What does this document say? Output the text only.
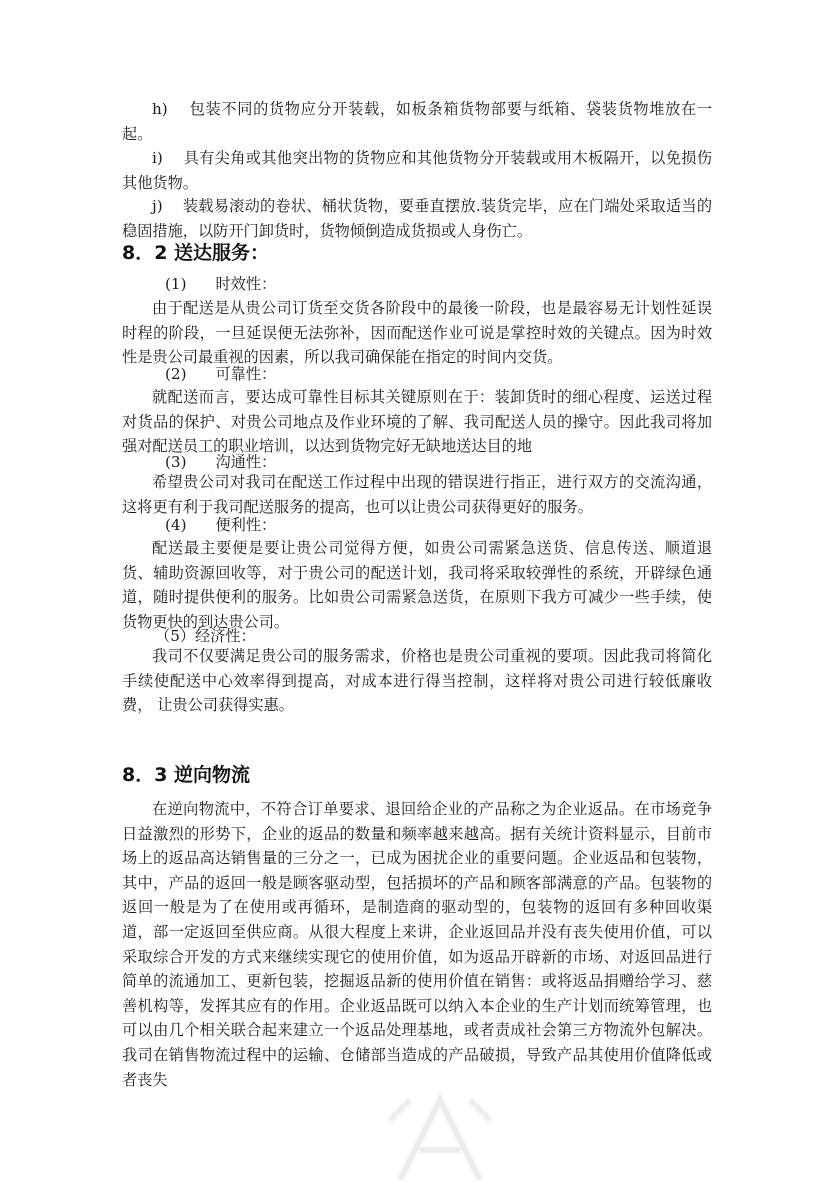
h) 包装不同的货物应分开装载，如板条箱货物部要与纸箱、袋装货物堆放在一起。

i) 具有尖角或其他突出物的货物应和其他货物分开装载或用木板隔开，以免损伤其他货物。

j) 装载易滚动的卷状、桶状货物，要垂直摆放.装货完毕，应在门端处采取适当的稳固措施，以防开门卸货时，货物倾倒造成货损或人身伤亡。

8．2 送达服务：
(1) 时效性：

由于配送是从贵公司订货至交货各阶段中的最後一阶段，也是最容易无计划性延误时程的阶段，一旦延误便无法弥补，因而配送作业可说是掌控时效的关键点。因为时效性是贵公司最重视的因素，所以我司确保能在指定的时间内交货。

(2) 可靠性：

就配送而言，要达成可靠性目标其关键原则在于：装卸货时的细心程度、运送过程对货品的保护、对贵公司地点及作业环境的了解、我司配送人员的操守。因此我司将加强对配送员工的职业培训，以达到货物完好无缺地送达目的地

(3) 沟通性：

希望贵公司对我司在配送工作过程中出现的错误进行指正，进行双方的交流沟通，这将更有利于我司配送服务的提高，也可以让贵公司获得更好的服务。

(4) 便利性：

配送最主要便是要让贵公司觉得方便，如贵公司需紧急送货、信息传送、顺道退货、辅助资源回收等，对于贵公司的配送计划，我司将采取较弹性的系统，开辟绿色通道，随时提供便利的服务。比如贵公司需紧急送货，在原则下我方可减少一些手续，使货物更快的到达贵公司。

（5）经济性：

我司不仅要满足贵公司的服务需求，价格也是贵公司重视的要项。因此我司将简化手续使配送中心效率得到提高，对成本进行得当控制，这样将对贵公司进行较低廉收费， 让贵公司获得实惠。

8．3 逆向物流

在逆向物流中，不符合订单要求、退回给企业的产品称之为企业返品。在市场竞争日益激烈的形势下，企业的返品的数量和频率越来越高。据有关统计资料显示，目前市场上的返品高达销售量的三分之一，已成为困扰企业的重要问题。企业返品和包装物，其中，产品的返回一般是顾客驱动型，包括损坏的产品和顾客部满意的产品。包装物的返回一般是为了在使用或再循环，是制造商的驱动型的，包装物的返回有多种回收渠道，部一定返回至供应商。从很大程度上来讲，企业返回品并没有丧失使用价值，可以采取综合开发的方式来继续实现它的使用价值，如为返品开辟新的市场、对返回品进行简单的流通加工、更新包装，挖掘返品新的使用价值在销售：或将返品捐赠给学习、慈善机构等，发挥其应有的作用。企业返品既可以纳入本企业的生产计划而统筹管理，也可以由几个相关联合起来建立一个返品处理基地，或者责成社会第三方物流外包解决。我司在销售物流过程中的运输、仓储部当造成的产品破损，导致产品其使用价值降低或者丧失
